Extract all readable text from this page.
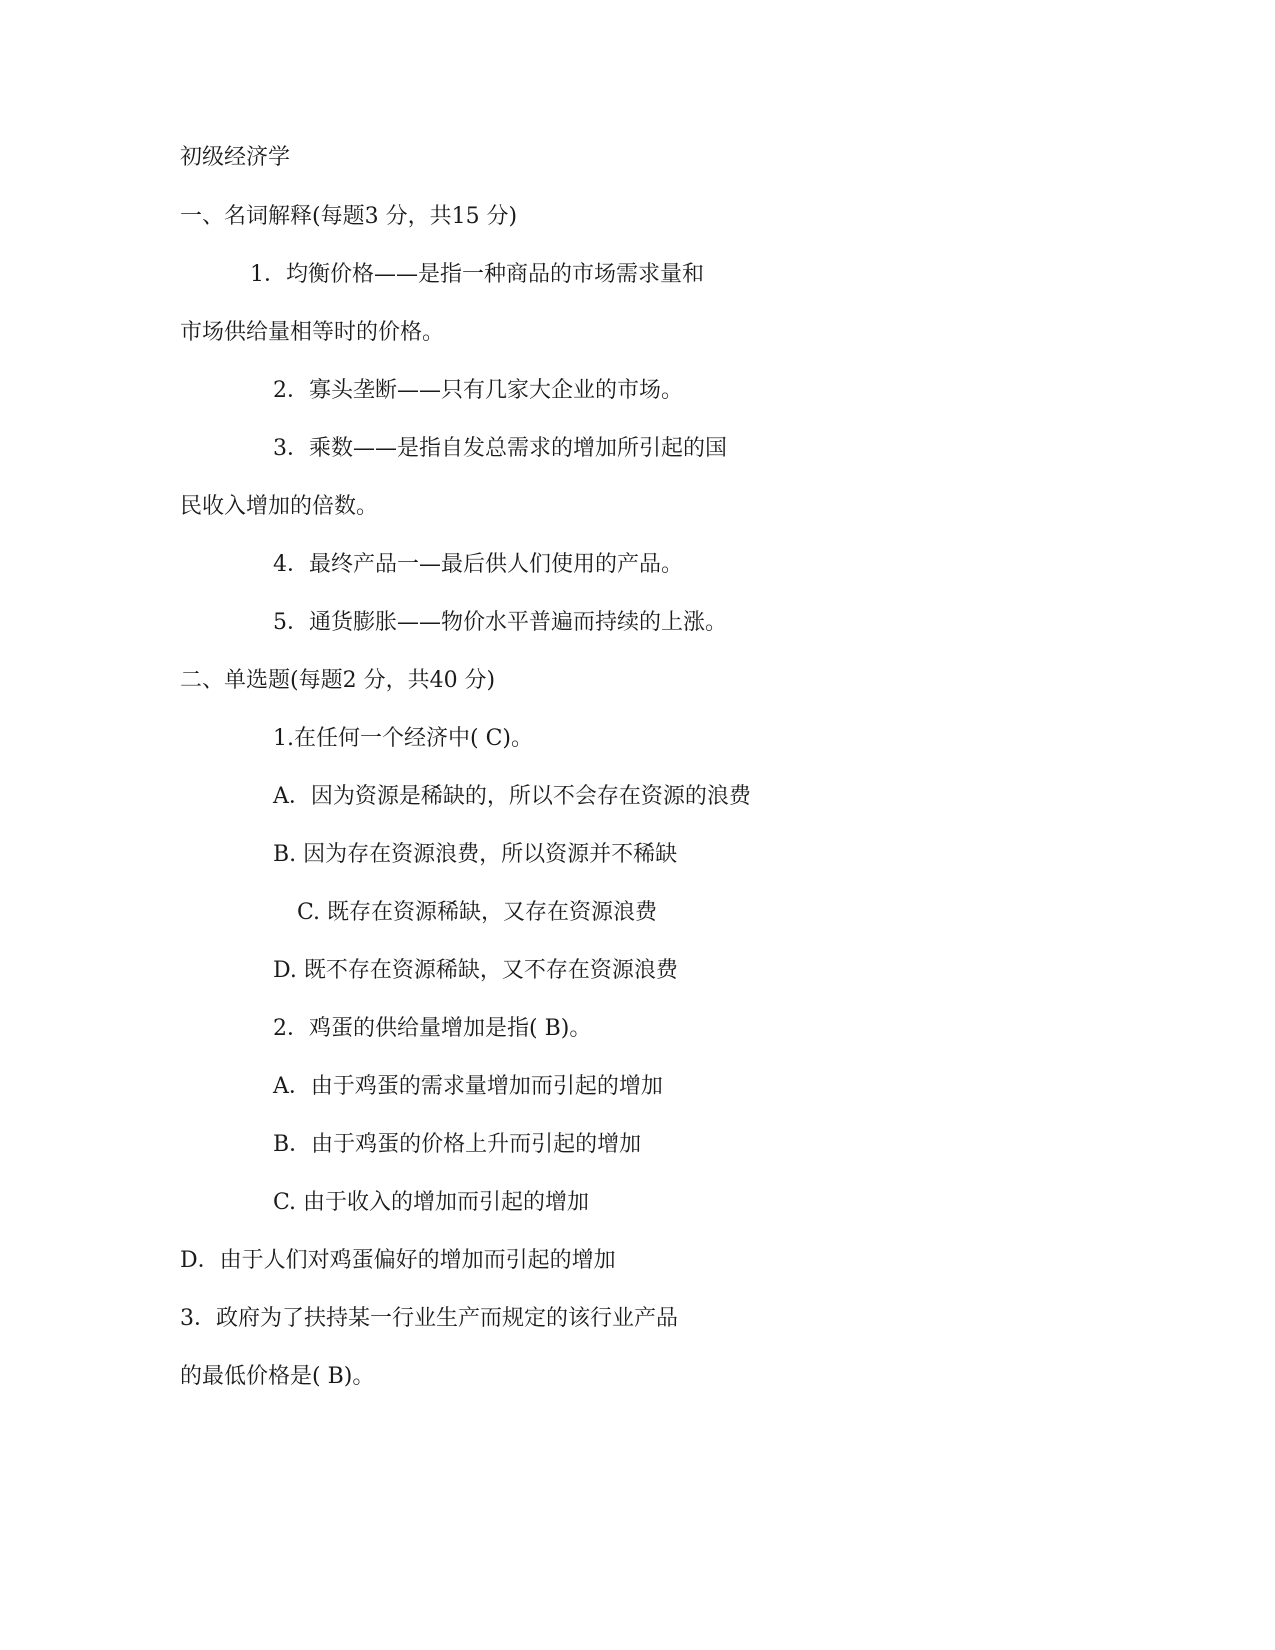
初级经济学

一、名词解释(每题3 分，共15 分)

1．均衡价格——是指一种商品的市场需求量和

市场供给量相等时的价格。

2．寡头垄断——只有几家大企业的市场。

3．乘数——是指自发总需求的增加所引起的国

民收入增加的倍数。

4．最终产品一—最后供人们使用的产品。

5．通货膨胀——物价水平普遍而持续的上涨。

二、单选题(每题2 分，共40 分)

1.在任何一个经济中( C)。

A．因为资源是稀缺的，所以不会存在资源的浪费

B. 因为存在资源浪费，所以资源并不稀缺

C. 既存在资源稀缺，又存在资源浪费

D. 既不存在资源稀缺，又不存在资源浪费

2．鸡蛋的供给量增加是指( B)。

A．由于鸡蛋的需求量增加而引起的增加

B．由于鸡蛋的价格上升而引起的增加

C. 由于收入的增加而引起的增加

D．由于人们对鸡蛋偏好的增加而引起的增加

3．政府为了扶持某一行业生产而规定的该行业产品

的最低价格是( B)。
